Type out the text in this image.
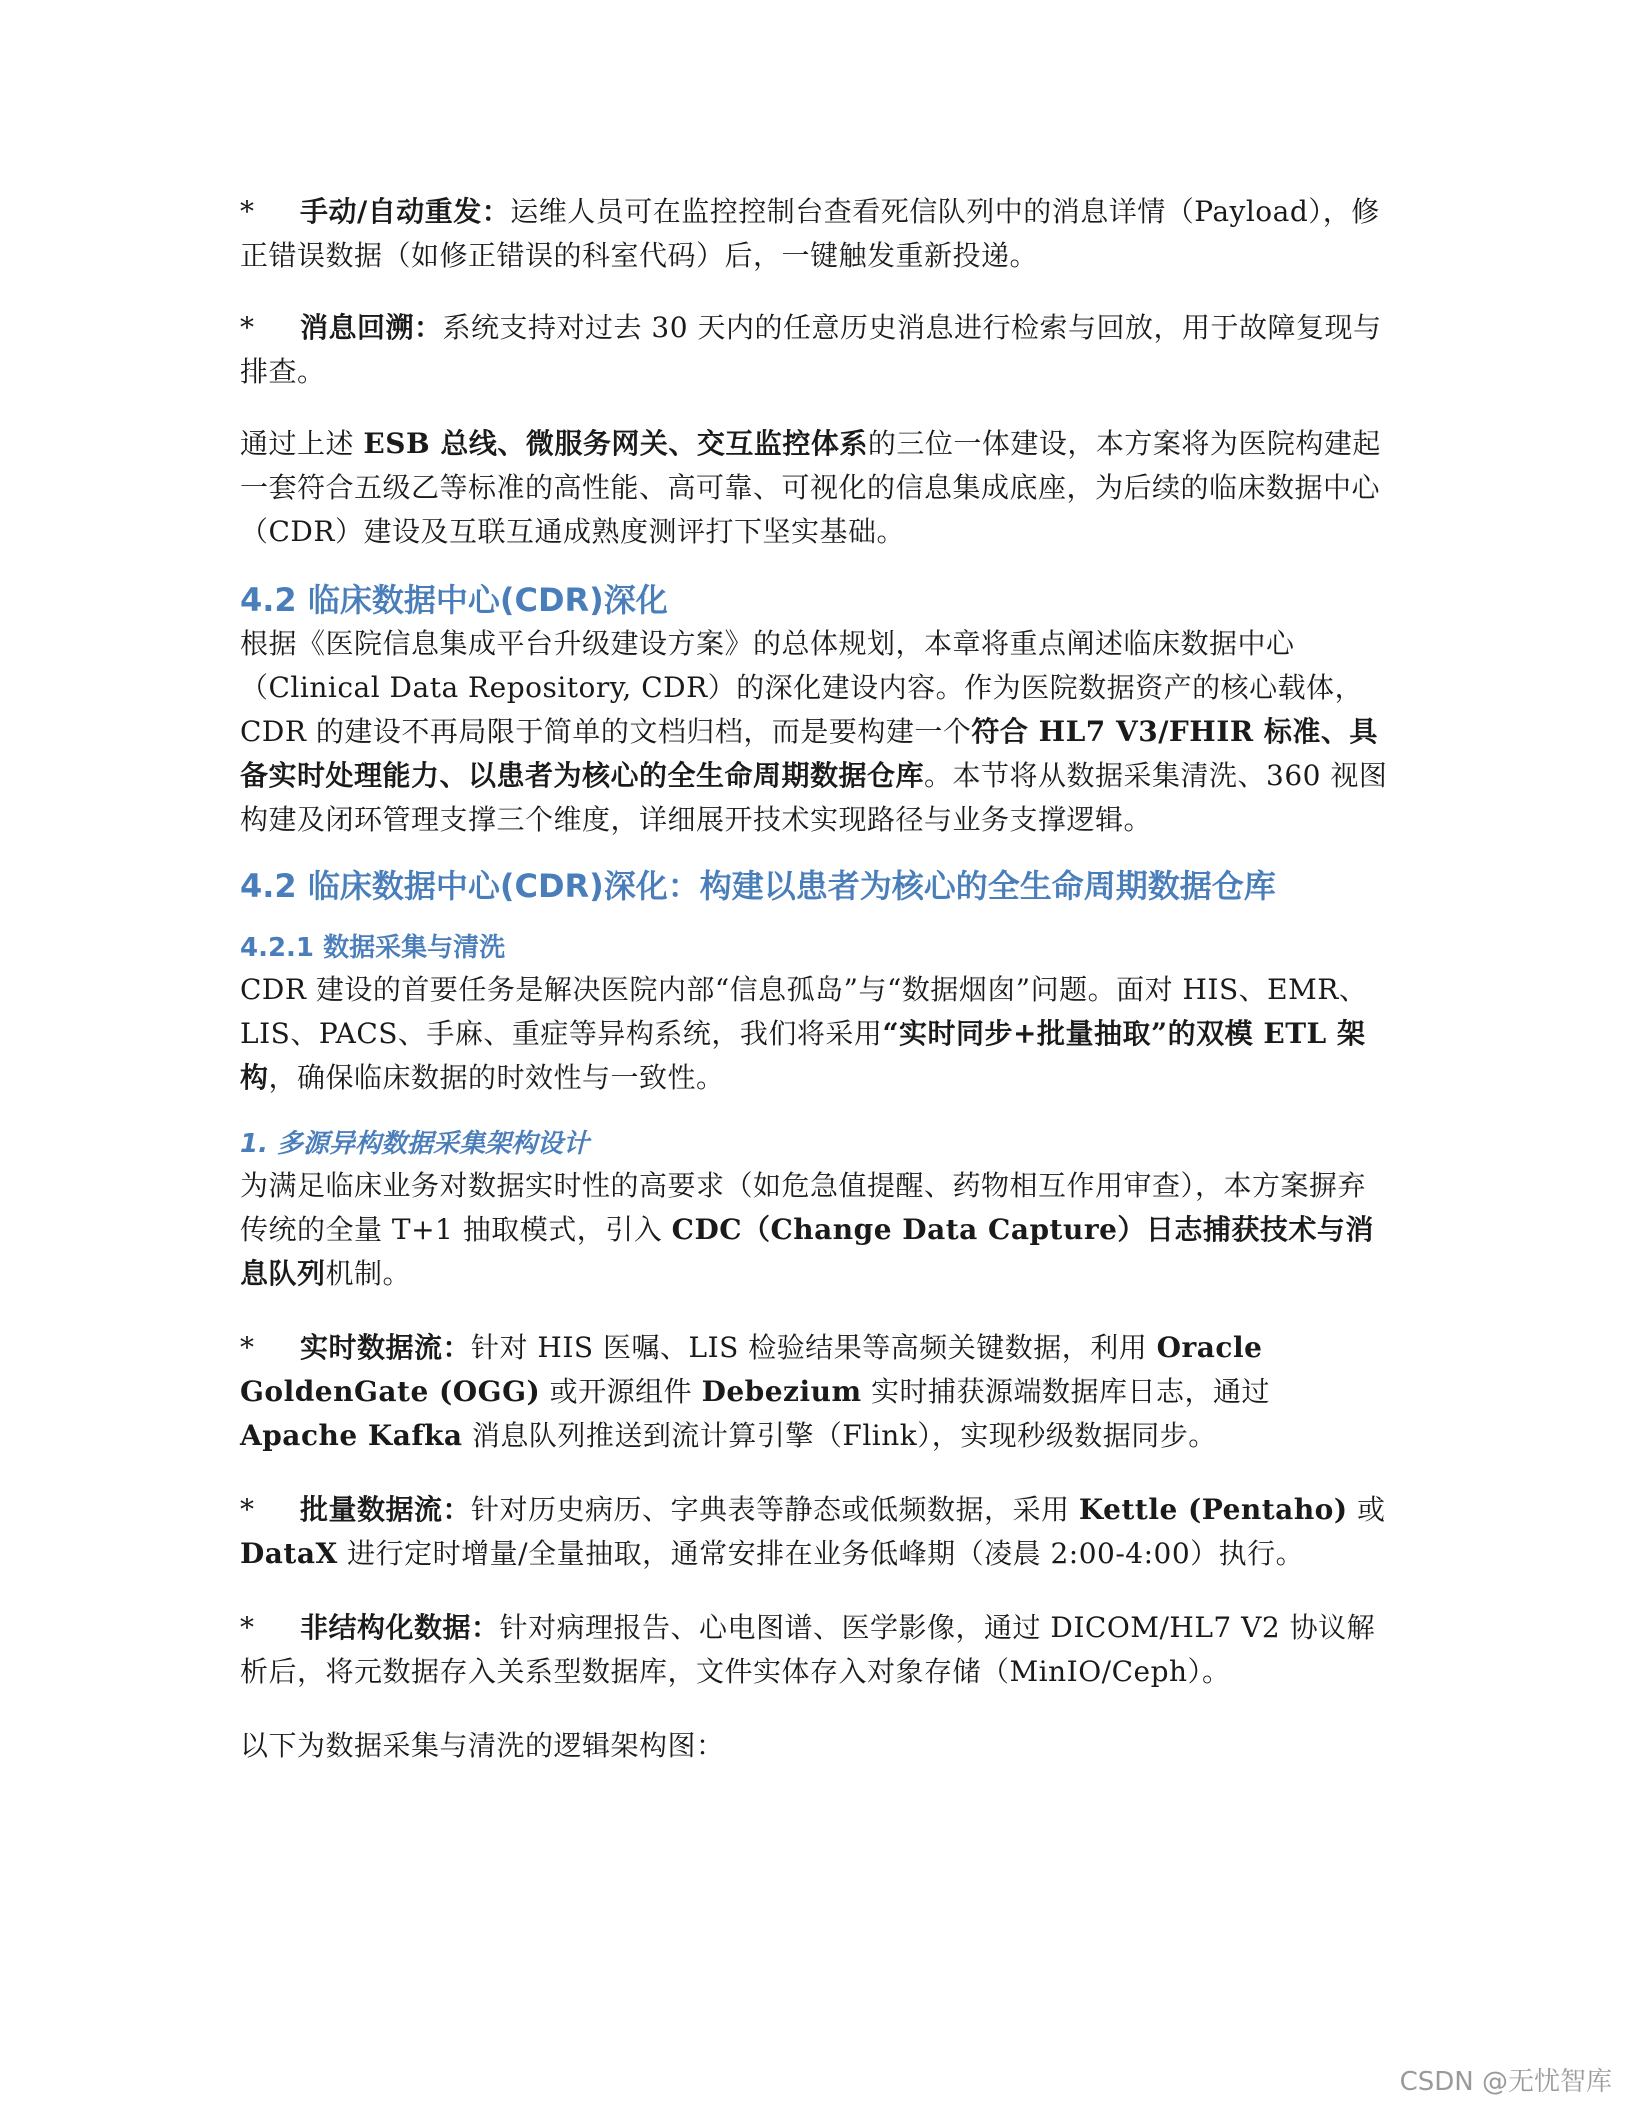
* 手动/自动重发：运维人员可在监控控制台查看死信队列中的消息详情（Payload），修正错误数据（如修正错误的科室代码）后，一键触发重新投递。

* 消息回溯：系统支持对过去 30 天内的任意历史消息进行检索与回放，用于故障复现与排查。

通过上述 ESB 总线、微服务网关、交互监控体系的三位一体建设，本方案将为医院构建起一套符合五级乙等标准的高性能、高可靠、可视化的信息集成底座，为后续的临床数据中心（CDR）建设及互联互通成熟度测评打下坚实基础。

4.2 临床数据中心(CDR)深化

根据《医院信息集成平台升级建设方案》的总体规划，本章将重点阐述临床数据中心（Clinical Data Repository, CDR）的深化建设内容。作为医院数据资产的核心载体，CDR 的建设不再局限于简单的文档归档，而是要构建一个符合 HL7 V3/FHIR 标准、具备实时处理能力、以患者为核心的全生命周期数据仓库。本节将从数据采集清洗、360 视图构建及闭环管理支撑三个维度，详细展开技术实现路径与业务支撑逻辑。

4.2 临床数据中心(CDR)深化：构建以患者为核心的全生命周期数据仓库
4.2.1 数据采集与清洗

CDR 建设的首要任务是解决医院内部“信息孤岛”与“数据烟囱”问题。面对 HIS、EMR、LIS、PACS、手麻、重症等异构系统，我们将采用“实时同步+批量抽取”的双模 ETL 架构，确保临床数据的时效性与一致性。

1. 多源异构数据采集架构设计

为满足临床业务对数据实时性的高要求（如危急值提醒、药物相互作用审查），本方案摒弃传统的全量 T+1 抽取模式，引入 CDC（Change Data Capture）日志捕获技术与消息队列机制。

* 实时数据流：针对 HIS 医嘱、LIS 检验结果等高频关键数据，利用 Oracle GoldenGate (OGG) 或开源组件 Debezium 实时捕获源端数据库日志，通过 Apache Kafka 消息队列推送到流计算引擎（Flink），实现秒级数据同步。

* 批量数据流：针对历史病历、字典表等静态或低频数据，采用 Kettle (Pentaho) 或 DataX 进行定时增量/全量抽取，通常安排在业务低峰期（凌晨 2:00-4:00）执行。

* 非结构化数据：针对病理报告、心电图谱、医学影像，通过 DICOM/HL7 V2 协议解析后，将元数据存入关系型数据库，文件实体存入对象存储（MinIO/Ceph）。

以下为数据采集与清洗的逻辑架构图：

CSDN @无忧智库
